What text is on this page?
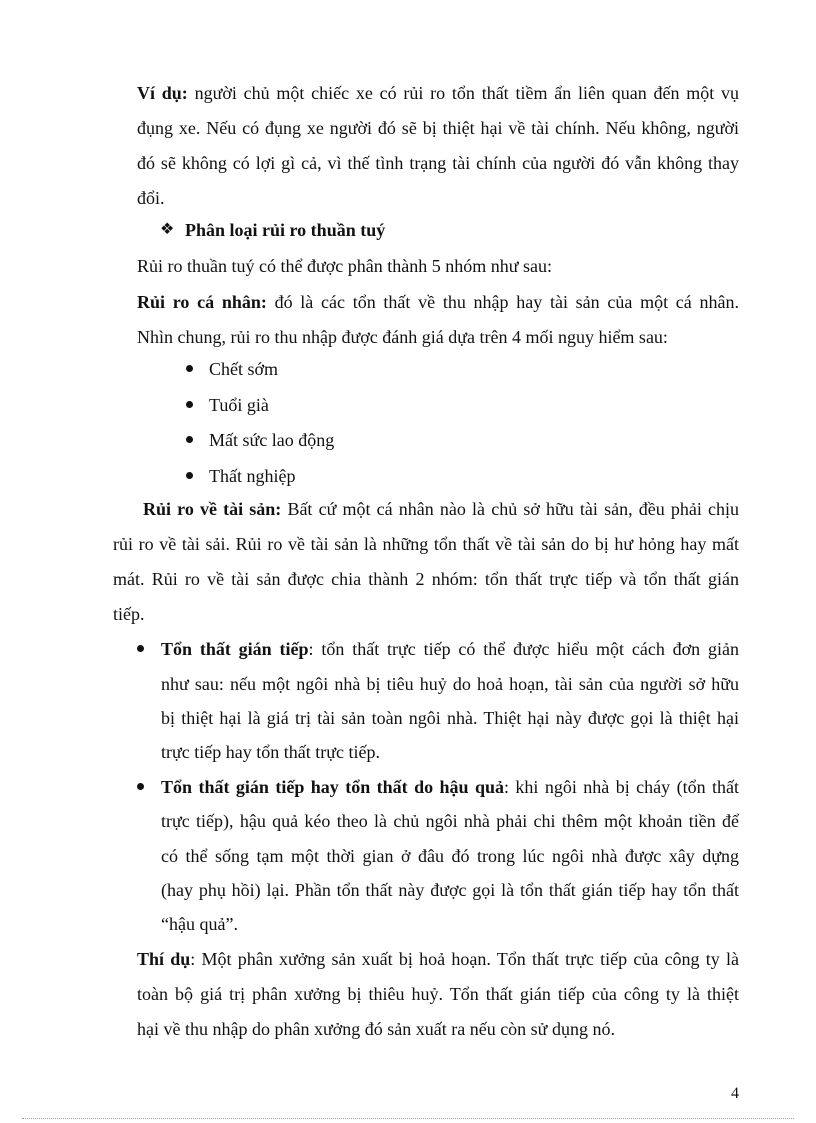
Ví dụ: người chủ một chiếc xe có rủi ro tổn thất tiềm ẩn liên quan đến một vụ
đụng xe. Nếu có đụng xe người đó sẽ bị thiệt hại về tài chính. Nếu không, người
đó sẽ không có lợi gì cả, vì thế tình trạng tài chính của người đó vẫn không thay
đổi.
❖ Phân loại rủi ro thuần tuý
Rủi ro thuần tuý có thể được phân thành 5 nhóm như sau:
Rủi ro cá nhân: đó là các tổn thất về thu nhập hay tài sản của một cá nhân.
Nhìn chung, rủi ro thu nhập được đánh giá dựa trên 4 mối nguy hiểm sau:
Chết sớm
Tuổi già
Mất sức lao động
Thất nghiệp
Rủi ro về tài sản: Bất cứ một cá nhân nào là chủ sở hữu tài sản, đều phải chịu
rủi ro về tài sải. Rủi ro về tài sản là những tổn thất về tài sản do bị hư hỏng hay mất
mát. Rủi ro về tài sản được chia thành 2 nhóm: tổn thất trực tiếp và tổn thất gián
tiếp.
Tổn thất gián tiếp: tổn thất trực tiếp có thể được hiểu một cách đơn giản
như sau: nếu một ngôi nhà bị tiêu huỷ do hoả hoạn, tài sản của người sở hữu
bị thiệt hại là giá trị tài sản toàn ngôi nhà. Thiệt hại này được gọi là thiệt hại
trực tiếp hay tổn thất trực tiếp.
Tổn thất gián tiếp hay tổn thất do hậu quả: khi ngôi nhà bị cháy (tổn thất
trực tiếp), hậu quả kéo theo là chủ ngôi nhà phải chi thêm một khoản tiền để
có thể sống tạm một thời gian ở đâu đó trong lúc ngôi nhà được xây dựng
(hay phụ hồi) lại. Phần tổn thất này được gọi là tổn thất gián tiếp hay tổn thất
“hậu quả”.
Thí dụ: Một phân xưởng sản xuất bị hoả hoạn. Tổn thất trực tiếp của công ty là
toàn bộ giá trị phân xưởng bị thiêu huỷ. Tổn thất gián tiếp của công ty là thiệt
hại về thu nhập do phân xưởng đó sản xuất ra nếu còn sử dụng nó.
4
